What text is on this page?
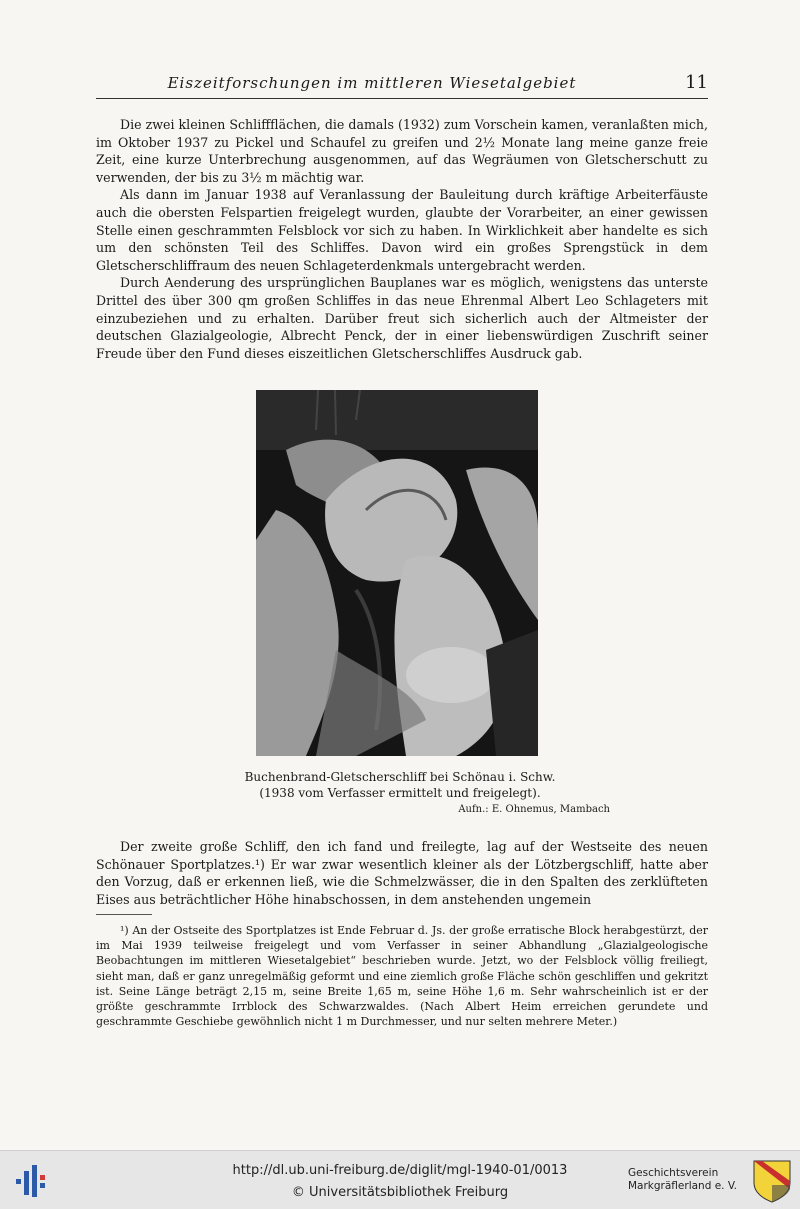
Eiszeitforschungen im mittleren Wiesetalgebiet	11

Die zwei kleinen Schliffflächen, die damals (1932) zum Vorschein kamen, veranlaßten mich, im Oktober 1937 zu Pickel und Schaufel zu greifen und 2½ Monate lang meine ganze freie Zeit, eine kurze Unterbrechung ausgenommen, auf das Wegräumen von Gletscherschutt zu verwenden, der bis zu 3½ m mächtig war.

Als dann im Januar 1938 auf Veranlassung der Bauleitung durch kräftige Arbeiterfäuste auch die obersten Felspartien freigelegt wurden, glaubte der Vorarbeiter, an einer gewissen Stelle einen geschrammten Felsblock vor sich zu haben. In Wirklichkeit aber handelte es sich um den schönsten Teil des Schliffes. Davon wird ein großes Sprengstück in dem Gletscherschliffraum des neuen Schlageterdenkmals untergebracht werden.

Durch Aenderung des ursprünglichen Bauplanes war es möglich, wenigstens das unterste Drittel des über 300 qm großen Schliffes in das neue Ehrenmal Albert Leo Schlageters mit einzubeziehen und zu erhalten. Darüber freut sich sicherlich auch der Altmeister der deutschen Glazialgeologie, Albrecht Penck, der in einer liebenswürdigen Zuschrift seiner Freude über den Fund dieses eiszeitlichen Gletscherschliffes Ausdruck gab.

Buchenbrand-Gletscherschliff bei Schönau i. Schw.
(1938 vom Verfasser ermittelt und freigelegt).
Aufn.: E. Ohnemus, Mambach

Der zweite große Schliff, den ich fand und freilegte, lag auf der Westseite des neuen Schönauer Sportplatzes.¹) Er war zwar wesentlich kleiner als der Lötzbergschliff, hatte aber den Vorzug, daß er erkennen ließ, wie die Schmelzwässer, die in den Spalten des zerklüfteten Eises aus beträchtlicher Höhe hinabschossen, in dem anstehenden ungemein

¹) An der Ostseite des Sportplatzes ist Ende Februar d. Js. der große erratische Block herabgestürzt, der im Mai 1939 teilweise freigelegt und vom Verfasser in seiner Abhandlung „Glazialgeologische Beobachtungen im mittleren Wiesetalgebiet“ beschrieben wurde. Jetzt, wo der Felsblock völlig freiliegt, sieht man, daß er ganz unregelmäßig geformt und eine ziemlich große Fläche schön geschliffen und gekritzt ist. Seine Länge beträgt 2,15 m, seine Breite 1,65 m, seine Höhe 1,6 m. Sehr wahrscheinlich ist er der größte geschrammte Irrblock des Schwarzwaldes. (Nach Albert Heim erreichen gerundete und geschrammte Geschiebe gewöhnlich nicht 1 m Durchmesser, und nur selten mehrere Meter.)

http://dl.ub.uni-freiburg.de/diglit/mgl-1940-01/0013
© Universitätsbibliothek Freiburg
Geschichtsverein
Markgräflerland e. V.
